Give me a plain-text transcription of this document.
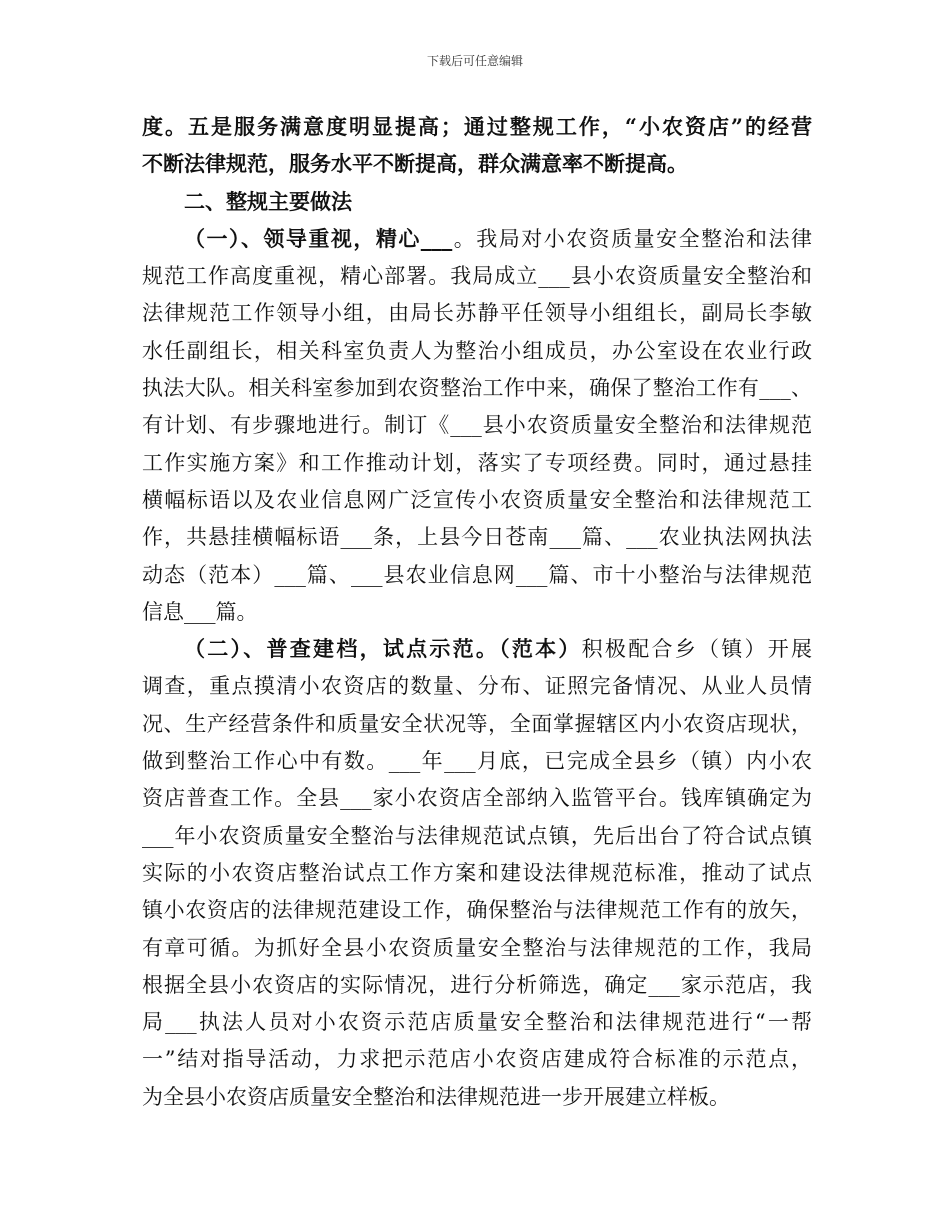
下载后可任意编辑
度。五是服务满意度明显提高；通过整规工作，“小农资店”的经营
不断法律规范，服务水平不断提高，群众满意率不断提高。
二、整规主要做法
（一）、领导重视，精心___。我局对小农资质量安全整治和法律
规范工作高度重视，精心部署。我局成立___县小农资质量安全整治和
法律规范工作领导小组，由局长苏静平任领导小组组长，副局长李敏
水任副组长，相关科室负责人为整治小组成员，办公室设在农业行政
执法大队。相关科室参加到农资整治工作中来，确保了整治工作有___、
有计划、有步骤地进行。制订《___县小农资质量安全整治和法律规范
工作实施方案》和工作推动计划，落实了专项经费。同时，通过悬挂
横幅标语以及农业信息网广泛宣传小农资质量安全整治和法律规范工
作，共悬挂横幅标语___条，上县今日苍南___篇、___农业执法网执法
动态（范本）___篇、___县农业信息网___篇、市十小整治与法律规范
信息___篇。
（二）、普查建档，试点示范。（范本）积极配合乡（镇）开展
调查，重点摸清小农资店的数量、分布、证照完备情况、从业人员情
况、生产经营条件和质量安全状况等，全面掌握辖区内小农资店现状，
做到整治工作心中有数。___年___月底，已完成全县乡（镇）内小农
资店普查工作。全县___家小农资店全部纳入监管平台。钱库镇确定为
___年小农资质量安全整治与法律规范试点镇，先后出台了符合试点镇
实际的小农资店整治试点工作方案和建设法律规范标准，推动了试点
镇小农资店的法律规范建设工作，确保整治与法律规范工作有的放矢，
有章可循。为抓好全县小农资质量安全整治与法律规范的工作，我局
根据全县小农资店的实际情况，进行分析筛选，确定___家示范店，我
局___执法人员对小农资示范店质量安全整治和法律规范进行“一帮
一”结对指导活动，力求把示范店小农资店建成符合标准的示范点，
为全县小农资店质量安全整治和法律规范进一步开展建立样板。
